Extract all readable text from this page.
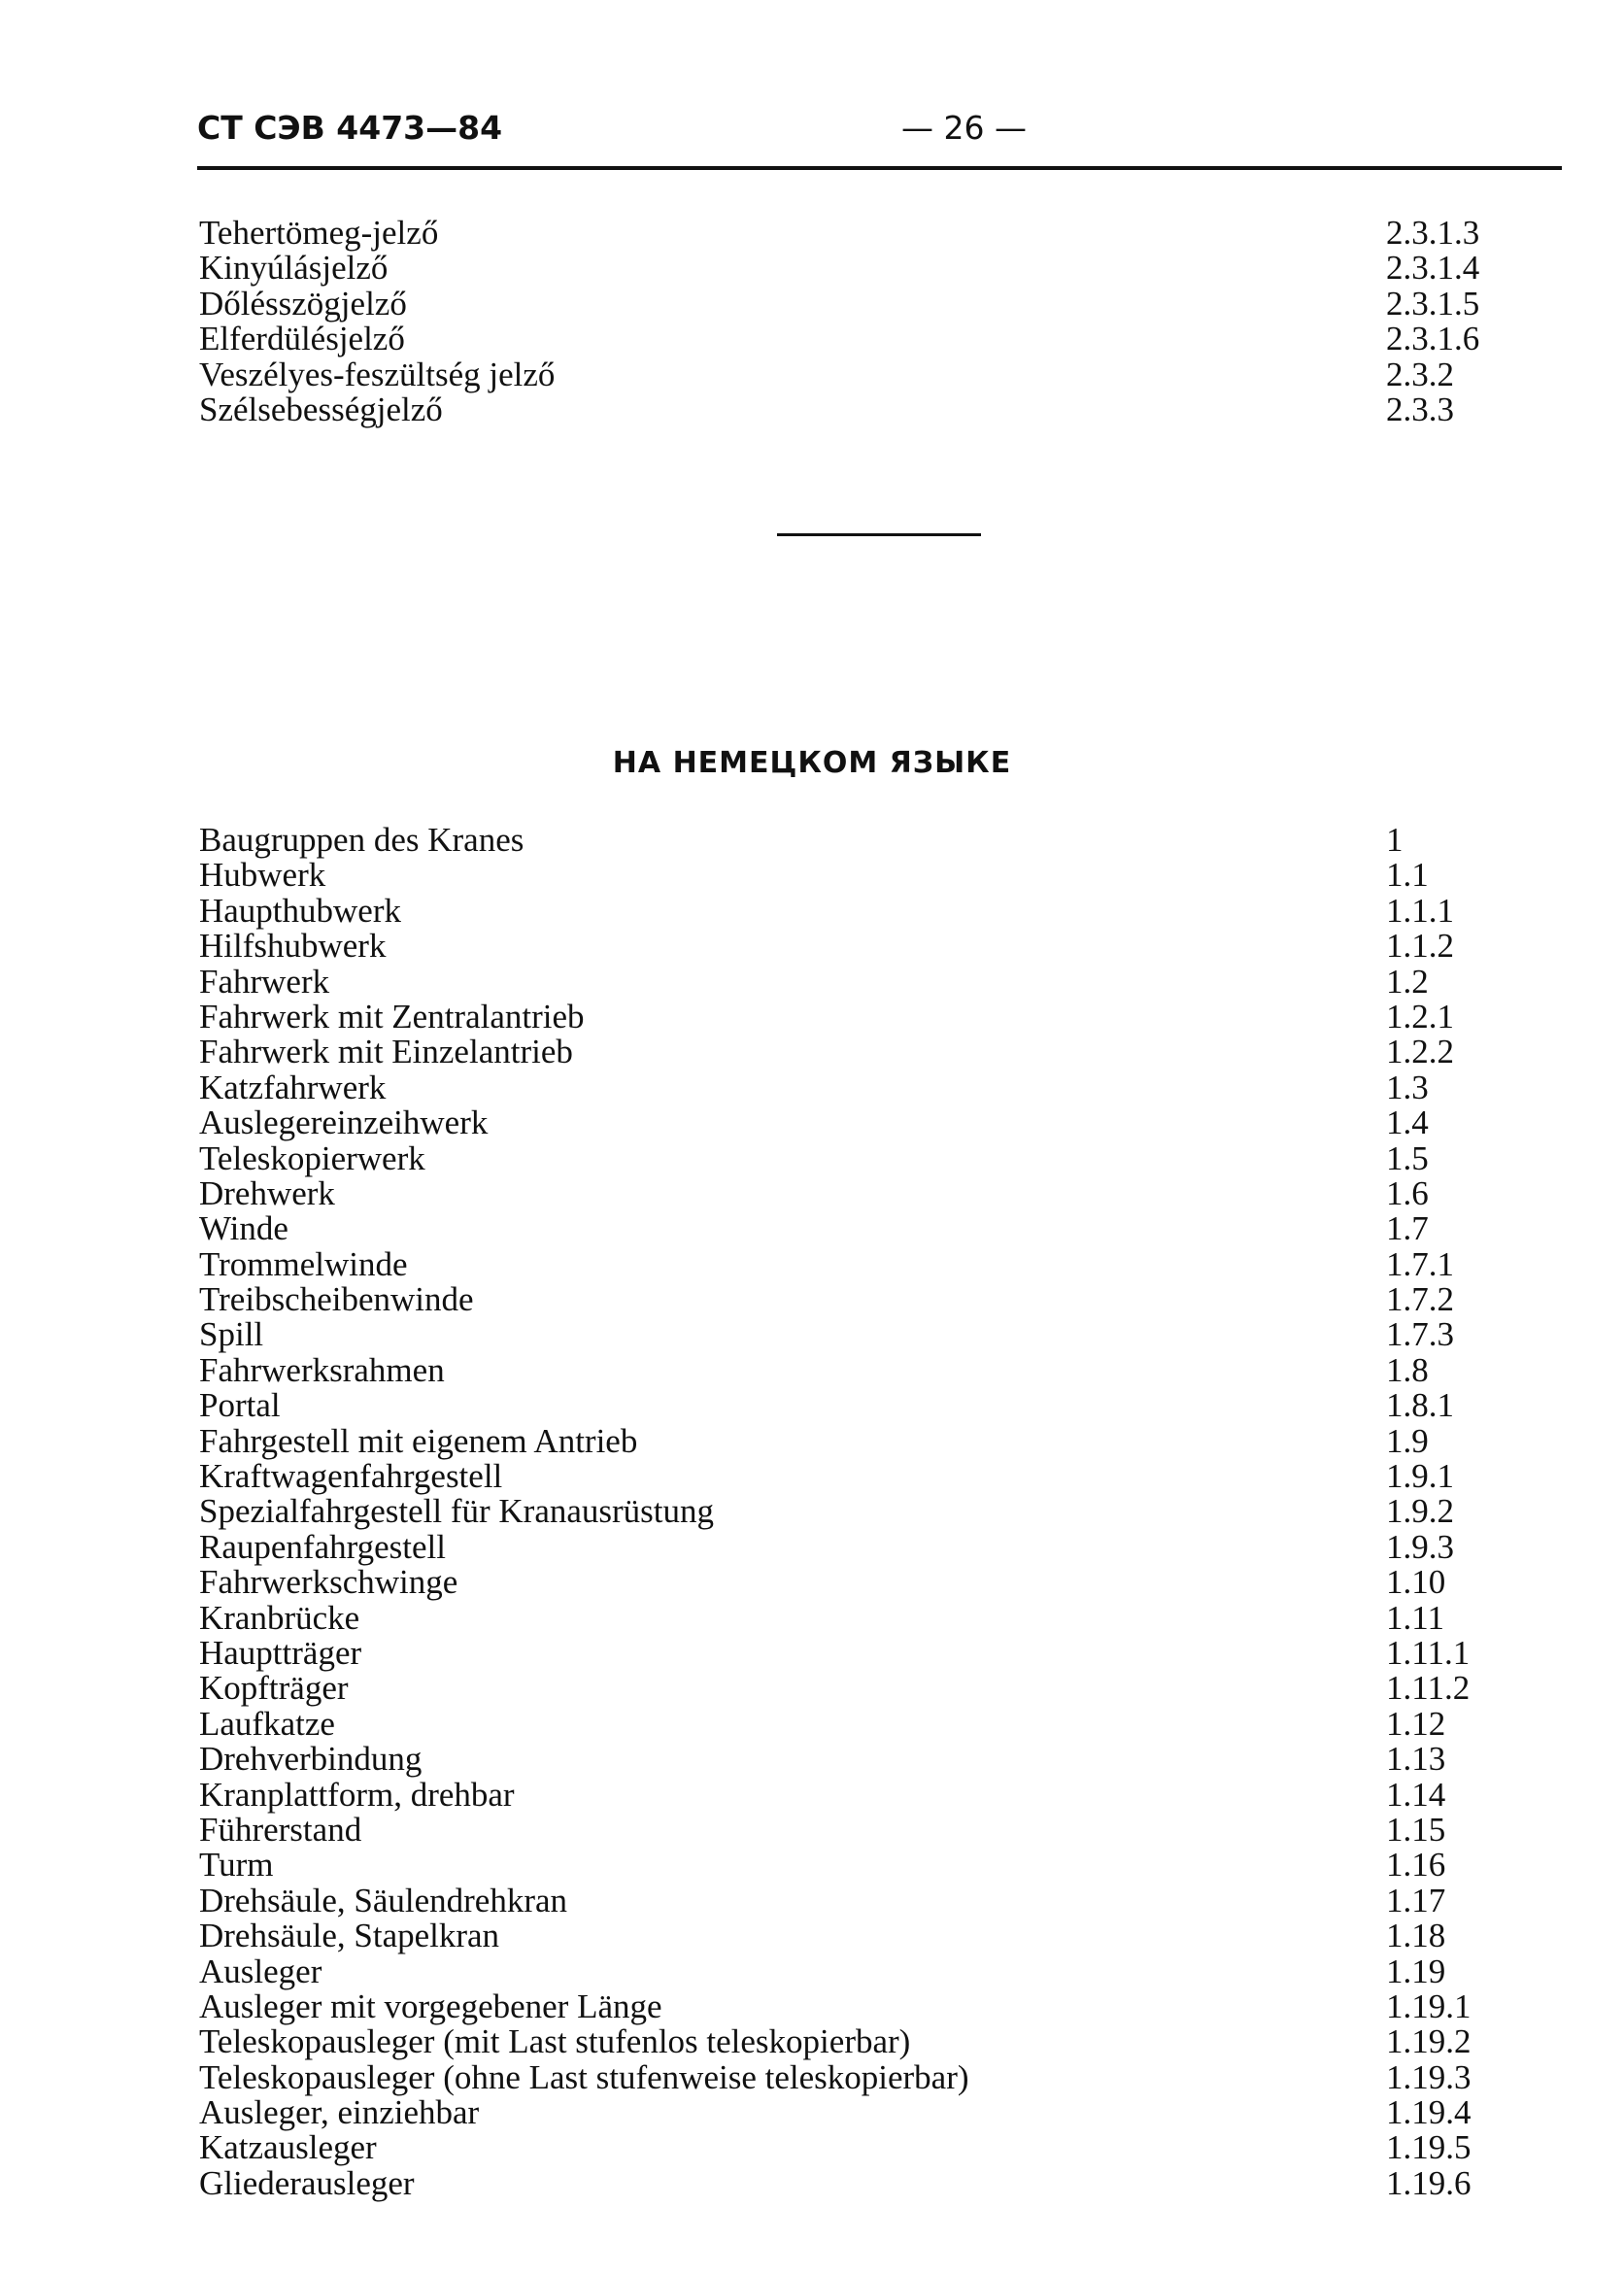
СТ СЭВ 4473—84	— 26 —
Tehertömeg-jelző	2.3.1.3
Kinyúlásjelző	2.3.1.4
Dőlésszögjelző	2.3.1.5
Elferdülésjelző	2.3.1.6
Veszélyes-feszültség jelző	2.3.2
Szélsebességjelző	2.3.3
НА НЕМЕЦКОМ ЯЗЫКЕ
Baugruppen des Kranes	1
Hubwerk	1.1
Haupthubwerk	1.1.1
Hilfshubwerk	1.1.2
Fahrwerk	1.2
Fahrwerk mit Zentralantrieb	1.2.1
Fahrwerk mit Einzelantrieb	1.2.2
Katzfahrwerk	1.3
Auslegereinzeihwerk	1.4
Teleskopierwerk	1.5
Drehwerk	1.6
Winde	1.7
Trommelwinde	1.7.1
Treibscheibenwinde	1.7.2
Spill	1.7.3
Fahrwerksrahmen	1.8
Portal	1.8.1
Fahrgestell mit eigenem Antrieb	1.9
Kraftwagenfahrgestell	1.9.1
Spezialfahrgestell für Kranausrüstung	1.9.2
Raupenfahrgestell	1.9.3
Fahrwerkschwinge	1.10
Kranbrücke	1.11
Hauptträger	1.11.1
Kopfträger	1.11.2
Laufkatze	1.12
Drehverbindung	1.13
Kranplattform, drehbar	1.14
Führerstand	1.15
Turm	1.16
Drehsäule, Säulendrehkran	1.17
Drehsäule, Stapelkran	1.18
Ausleger	1.19
Ausleger mit vorgegebener Länge	1.19.1
Teleskopausleger (mit Last stufenlos teleskopierbar)	1.19.2
Teleskopausleger (ohne Last stufenweise teleskopierbar)	1.19.3
Ausleger, einziehbar	1.19.4
Katzausleger	1.19.5
Gliederausleger	1.19.6
